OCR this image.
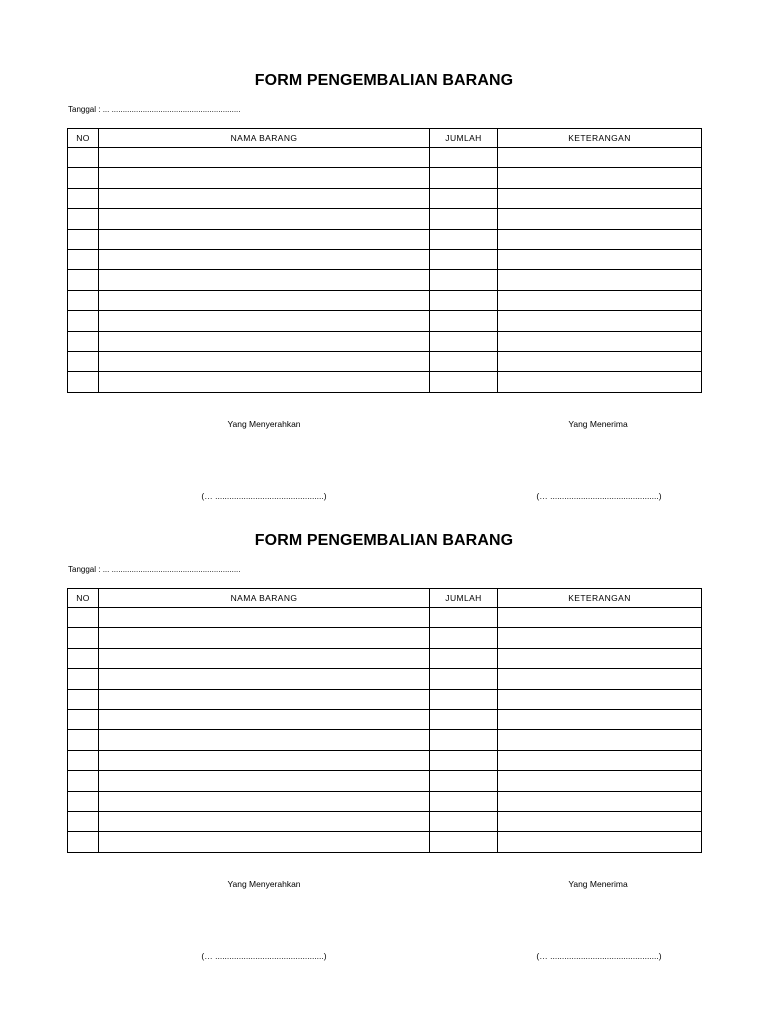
FORM PENGEMBALIAN BARANG
Tanggal : ... ..........................................................
NO	NAMA BARANG	JUMLAH	KETERANGAN

Yang Menyerahkan	Yang Menerima
(… ..............................................)	(… ..............................................)
FORM PENGEMBALIAN BARANG
Tanggal : ... ..........................................................
NO	NAMA BARANG	JUMLAH	KETERANGAN

Yang Menyerahkan	Yang Menerima
(… ..............................................)	(… ..............................................)
